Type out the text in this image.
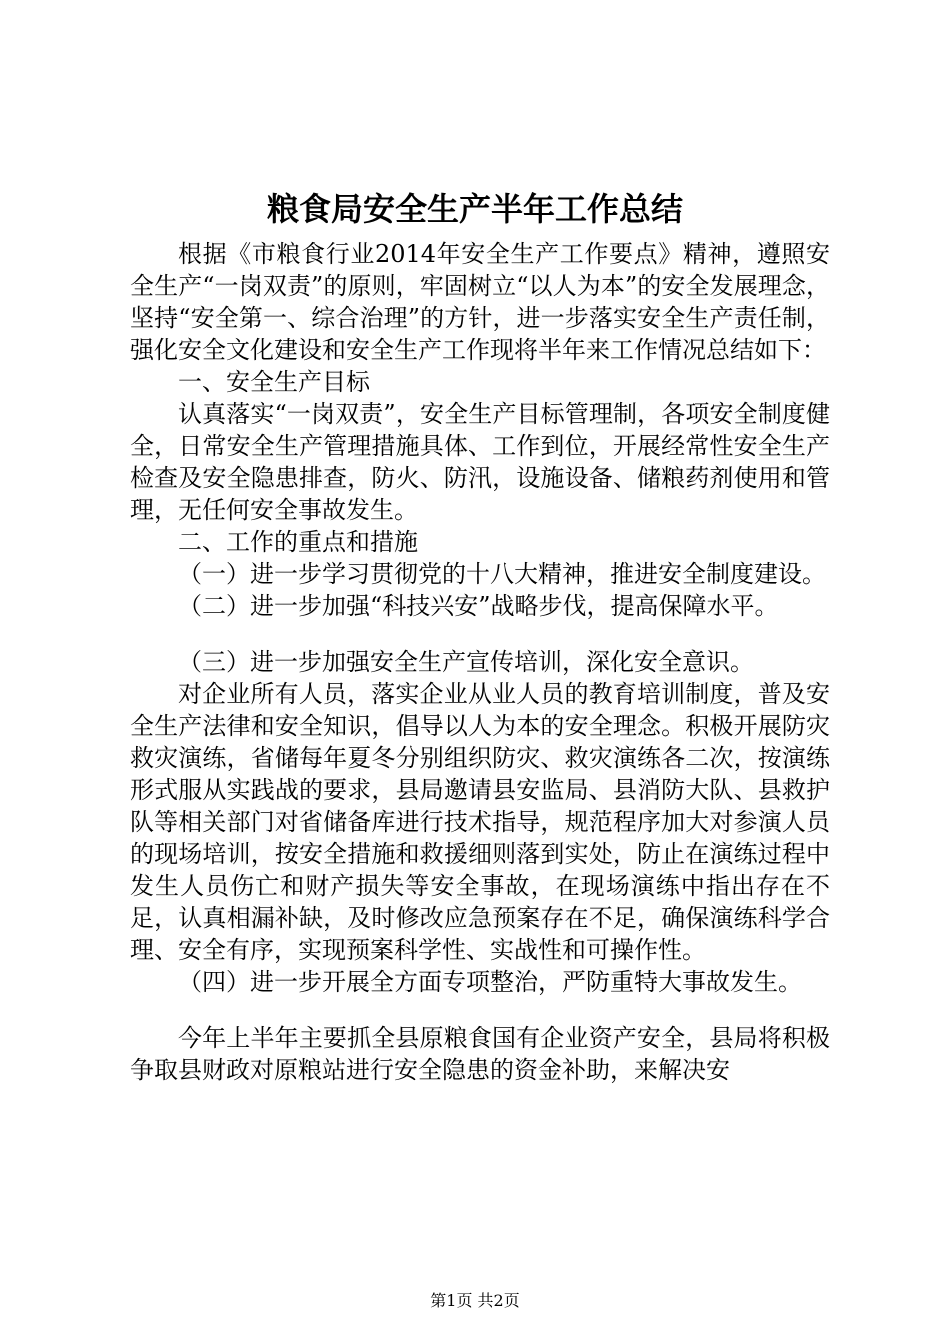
粮食局安全生产半年工作总结

根据《市粮食行业2014年安全生产工作要点》精神，遵照安全生产“一岗双责”的原则，牢固树立“以人为本”的安全发展理念，坚持“安全第一、综合治理”的方针，进一步落实安全生产责任制，强化安全文化建设和安全生产工作现将半年来工作情况总结如下：

一、安全生产目标

认真落实“一岗双责”，安全生产目标管理制，各项安全制度健全，日常安全生产管理措施具体、工作到位，开展经常性安全生产检查及安全隐患排查，防火、防汛，设施设备、储粮药剂使用和管理，无任何安全事故发生。

二、工作的重点和措施

（一）进一步学习贯彻党的十八大精神，推进安全制度建设。

（二）进一步加强“科技兴安”战略步伐，提高保障水平。

（三）进一步加强安全生产宣传培训，深化安全意识。

对企业所有人员，落实企业从业人员的教育培训制度，普及安全生产法律和安全知识，倡导以人为本的安全理念。积极开展防灾救灾演练，省储每年夏冬分别组织防灾、救灾演练各二次，按演练形式服从实践战的要求，县局邀请县安监局、县消防大队、县救护队等相关部门对省储备库进行技术指导，规范程序加大对参演人员的现场培训，按安全措施和救援细则落到实处，防止在演练过程中发生人员伤亡和财产损失等安全事故，在现场演练中指出存在不足，认真相漏补缺，及时修改应急预案存在不足，确保演练科学合理、安全有序，实现预案科学性、实战性和可操作性。

（四）进一步开展全方面专项整治，严防重特大事故发生。

今年上半年主要抓全县原粮食国有企业资产安全，县局将积极争取县财政对原粮站进行安全隐患的资金补助，来解决安

第1页 共2页
